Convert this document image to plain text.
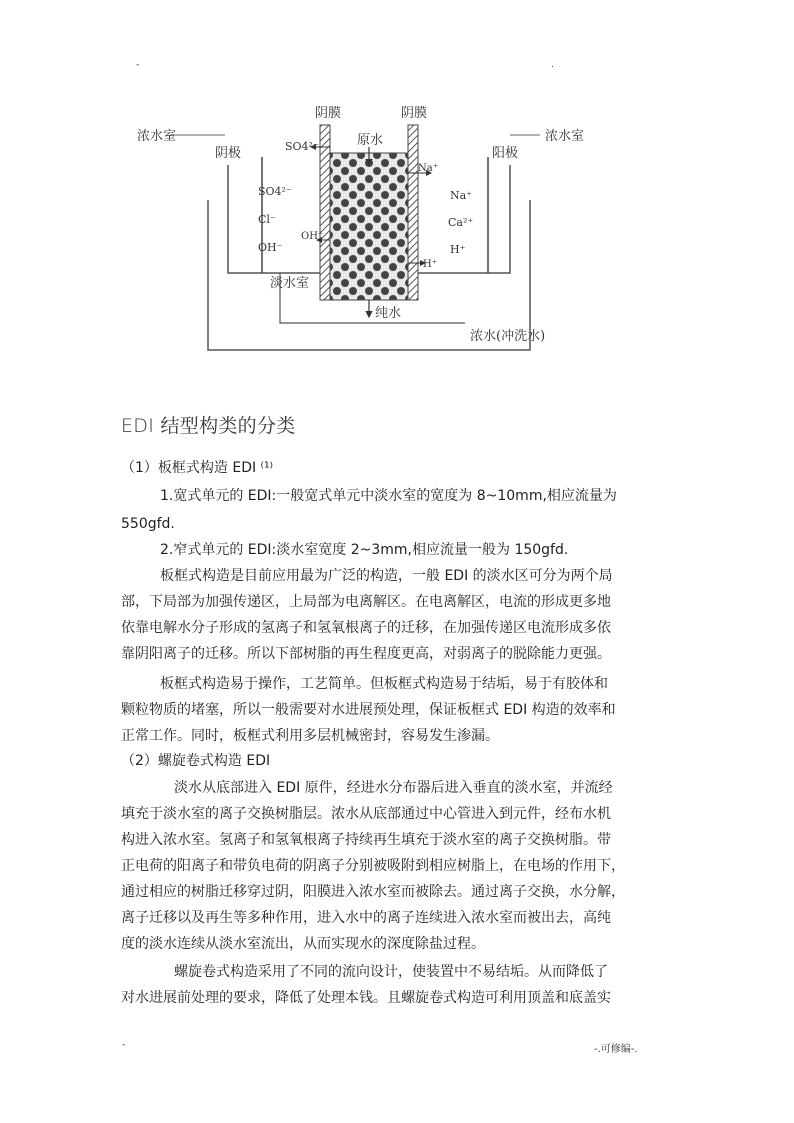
-	.
阴膜	阴膜
浓水室	浓水室
阴极	阳极
原水
SO4²⁻
Na⁺
SO4²⁻
Cl⁻
OH⁻
Na⁺
Ca²⁺
H⁺
OH⁻
H⁺
淡水室
纯水
浓水(冲洗水)
EDI 结型构类的分类
（1）板框式构造 EDI ⁽¹⁾
1.宽式单元的 EDI:一般宽式单元中淡水室的宽度为 8~10mm,相应流量为
550gfd.
2.窄式单元的 EDI:淡水室宽度 2~3mm,相应流量一般为 150gfd.
板框式构造是目前应用最为广泛的构造，一般 EDI 的淡水区可分为两个局
部，下局部为加强传递区，上局部为电离解区。在电离解区，电流的形成更多地
依靠电解水分子形成的氢离子和氢氧根离子的迁移，在加强传递区电流形成多依
靠阴阳离子的迁移。所以下部树脂的再生程度更高，对弱离子的脱除能力更强。
板框式构造易于操作，工艺简单。但板框式构造易于结垢，易于有胶体和
颗粒物质的堵塞，所以一般需要对水进展预处理，保证板框式 EDI 构造的效率和
正常工作。同时，板框式利用多层机械密封，容易发生渗漏。
（2）螺旋卷式构造 EDI
淡水从底部进入 EDI 原件，经进水分布器后进入垂直的淡水室，并流经
填充于淡水室的离子交换树脂层。浓水从底部通过中心管进入到元件，经布水机
构进入浓水室。氢离子和氢氧根离子持续再生填充于淡水室的离子交换树脂。带
正电荷的阳离子和带负电荷的阴离子分别被吸附到相应树脂上，在电场的作用下，
通过相应的树脂迁移穿过阴，阳膜进入浓水室而被除去。通过离子交换，水分解，
离子迁移以及再生等多种作用，进入水中的离子连续进入浓水室而被出去，高纯
度的淡水连续从淡水室流出，从而实现水的深度除盐过程。
螺旋卷式构造采用了不同的流向设计，使装置中不易结垢。从而降低了
对水进展前处理的要求，降低了处理本钱。且螺旋卷式构造可利用顶盖和底盖实
-	-.可修编-.
